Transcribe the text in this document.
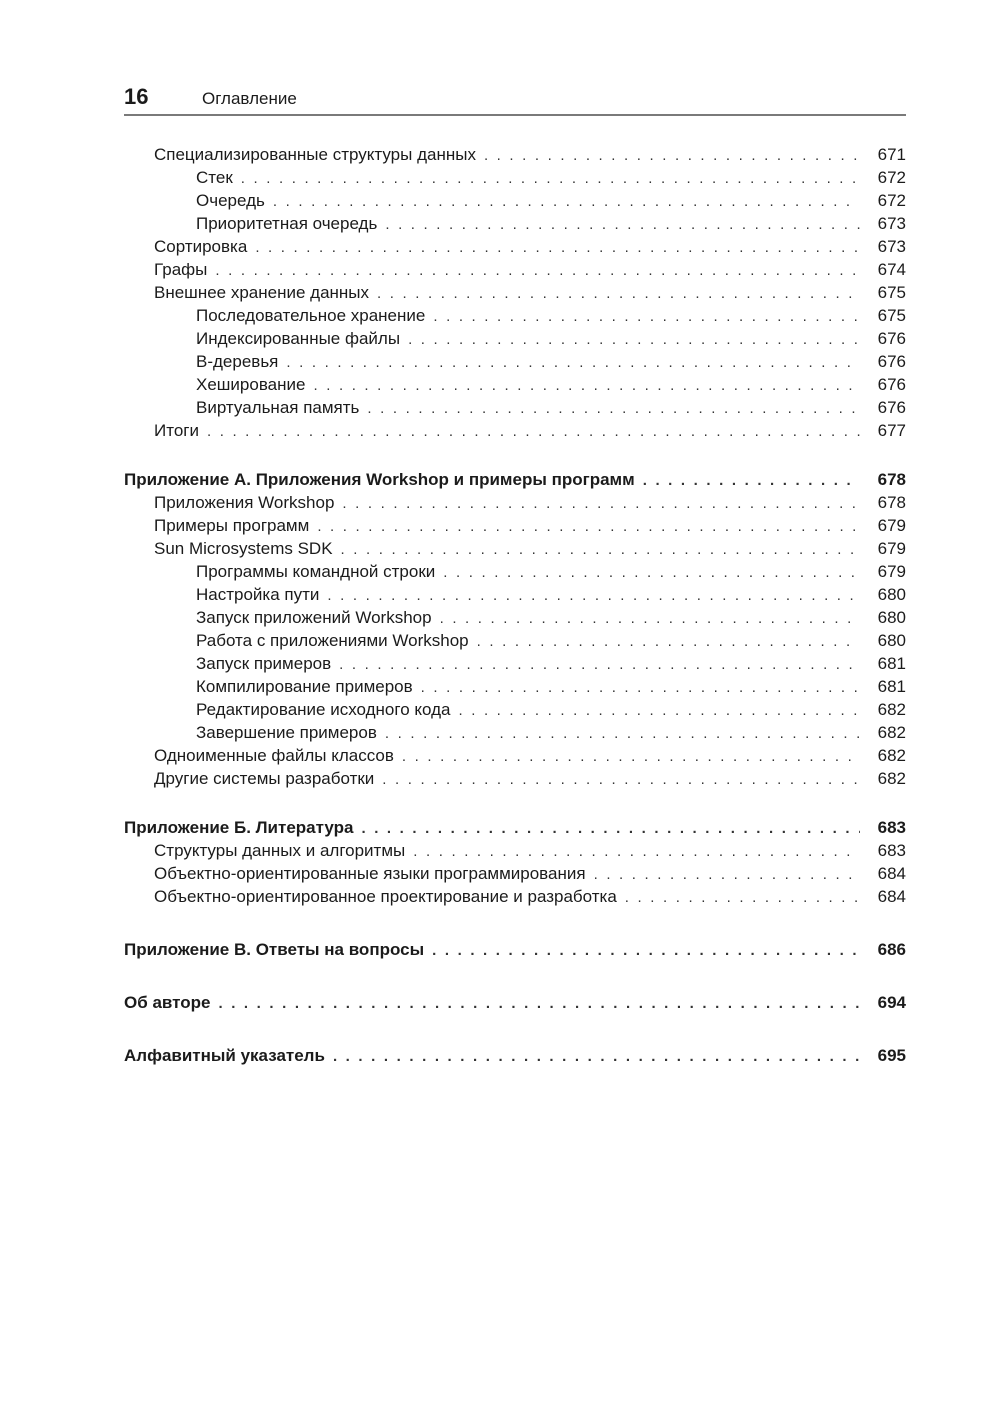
16	Оглавление
Специализированные структуры данных . . .	671
Стек . . .	672
Очередь . . .	672
Приоритетная очередь . . .	673
Сортировка . . .	673
Графы . . .	674
Внешнее хранение данных . . .	675
Последовательное хранение . . .	675
Индексированные файлы . . .	676
B-деревья . . .	676
Хеширование . . .	676
Виртуальная память . . .	676
Итоги . . .	677
Приложение А. Приложения Workshop и примеры программ . . .	678
Приложения Workshop . . .	678
Примеры программ . . .	679
Sun Microsystems SDK . . .	679
Программы командной строки . . .	679
Настройка пути . . .	680
Запуск приложений Workshop . . .	680
Работа с приложениями Workshop . . .	680
Запуск примеров . . .	681
Компилирование примеров . . .	681
Редактирование исходного кода . . .	682
Завершение примеров . . .	682
Одноименные файлы классов . . .	682
Другие системы разработки . . .	682
Приложение Б. Литература . . .	683
Структуры данных и алгоритмы . . .	683
Объектно-ориентированные языки программирования . . .	684
Объектно-ориентированное проектирование и разработка . . .	684
Приложение В. Ответы на вопросы . . .	686
Об авторе . . .	694
Алфавитный указатель . . .	695
